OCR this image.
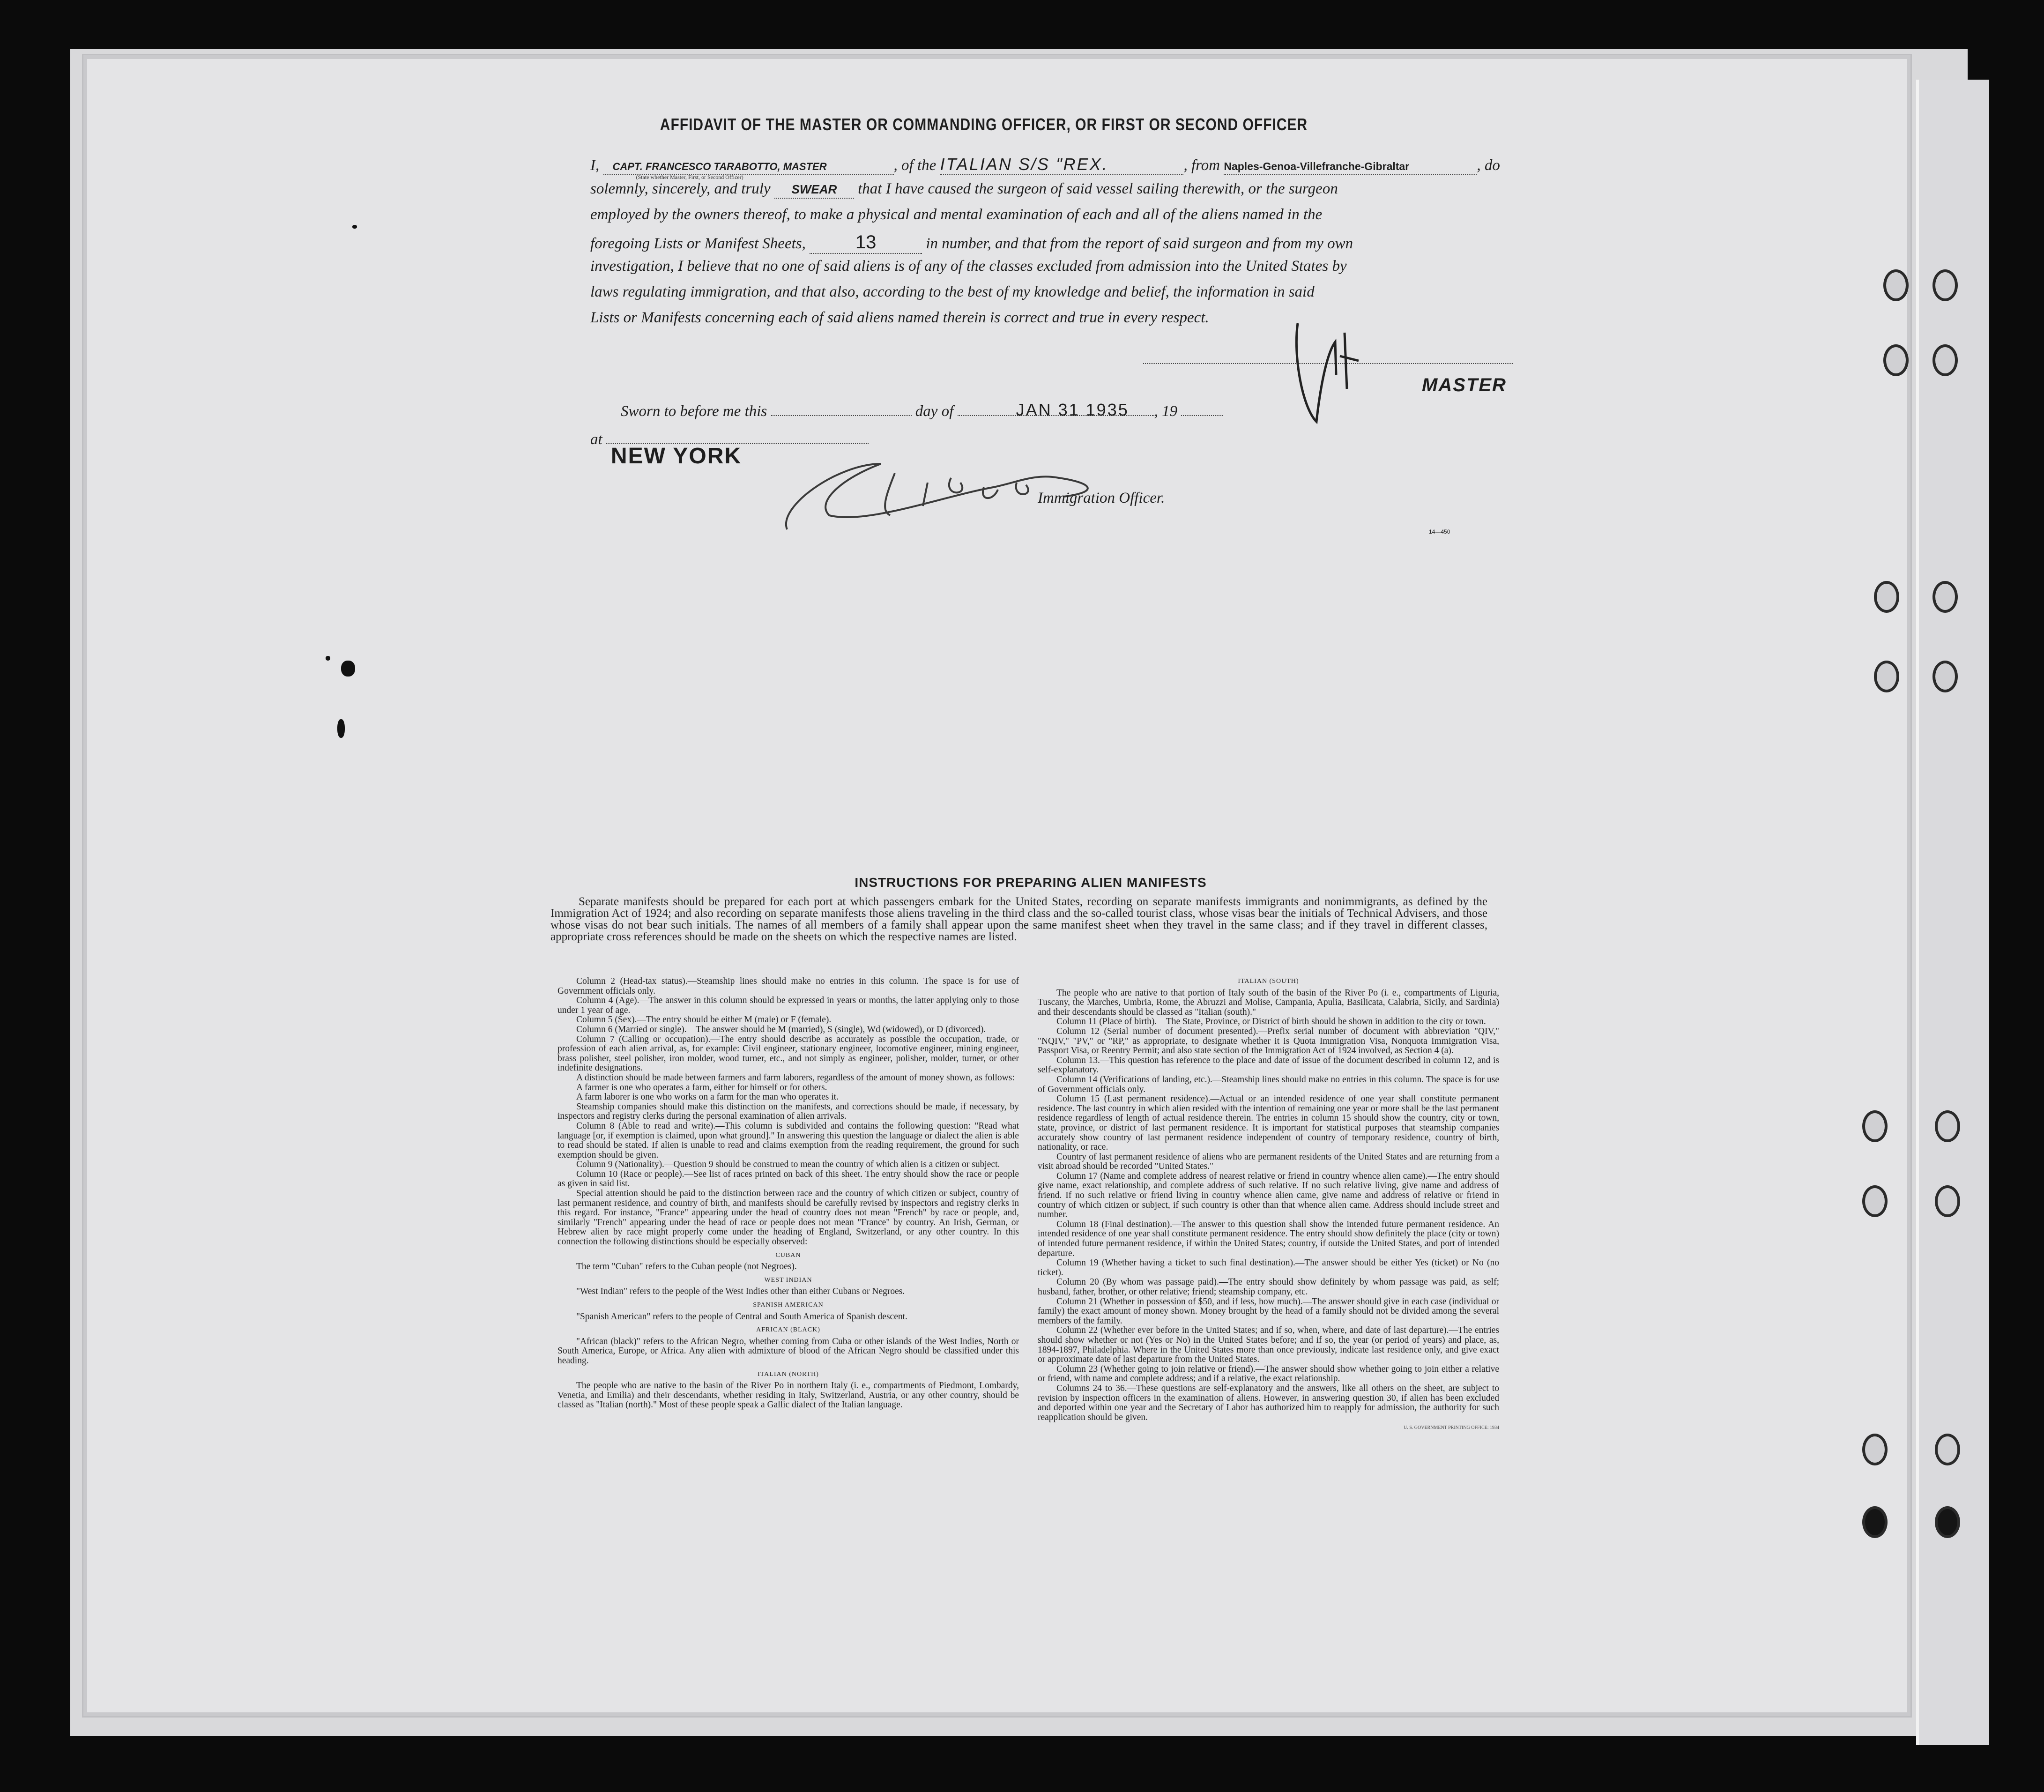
AFFIDAVIT OF THE MASTER OR COMMANDING OFFICER, OR FIRST OR SECOND OFFICER
I, CAPT. FRANCESCO TARABOTTO, MASTER
(State whether Master, First, or Second Officer)
, of the ITALIAN S/S "REX.	, from Naples-Genoa-Villefranche-Gibraltar	, do
solemnly, sincerely, and truly SWEAR that I have caused the surgeon of said vessel sailing therewith, or the surgeon
employed by the owners thereof, to make a physical and mental examination of each and all of the aliens named in the
foregoing Lists or Manifest Sheets,	13	in number, and that from the report of said surgeon and from my own
investigation, I believe that no one of said aliens is of any of the classes excluded from admission into the United States by
laws regulating immigration, and that also, according to the best of my knowledge and belief, the information in said
Lists or Manifests concerning each of said aliens named therein is correct and true in every respect.
MASTER
Sworn to before me this	day of	JAN 31 1935 , 19
at
NEW YORK
Immigration Officer.
14—450
INSTRUCTIONS FOR PREPARING ALIEN MANIFESTS
Separate manifests should be prepared for each port at which passengers embark for the United States, recording on separate manifests immigrants and nonimmigrants, as defined by the Immigration Act of 1924; and also recording on separate manifests those aliens traveling in the third class and the so-called tourist class, whose visas bear the initials of Technical Advisers, and those whose visas do not bear such initials. The names of all members of a family shall appear upon the same manifest sheet when they travel in the same class; and if they travel in different classes, appropriate cross references should be made on the sheets on which the respective names are listed.

Column 2 (Head-tax status).—Steamship lines should make no entries in this column. The space is for use of Government officials only.

Column 4 (Age).—The answer in this column should be expressed in years or months, the latter applying only to those under 1 year of age.

Column 5 (Sex).—The entry should be either M (male) or F (female).

Column 6 (Married or single).—The answer should be M (married), S (single), Wd (widowed), or D (divorced).

Column 7 (Calling or occupation).—The entry should describe as accurately as possible the occupation, trade, or profession of each alien arrival, as, for example: Civil engineer, stationary engineer, locomotive engineer, mining engineer, brass polisher, steel polisher, iron molder, wood turner, etc., and not simply as engineer, polisher, molder, turner, or other indefinite designations.

A distinction should be made between farmers and farm laborers, regardless of the amount of money shown, as follows:

A farmer is one who operates a farm, either for himself or for others.

A farm laborer is one who works on a farm for the man who operates it.

Steamship companies should make this distinction on the manifests, and corrections should be made, if necessary, by inspectors and registry clerks during the personal examination of alien arrivals.

Column 8 (Able to read and write).—This column is subdivided and contains the following question: "Read what language [or, if exemption is claimed, upon what ground]." In answering this question the language or dialect the alien is able to read should be stated. If alien is unable to read and claims exemption from the reading requirement, the ground for such exemption should be given.

Column 9 (Nationality).—Question 9 should be construed to mean the country of which alien is a citizen or subject.

Column 10 (Race or people).—See list of races printed on back of this sheet. The entry should show the race or people as given in said list.

Special attention should be paid to the distinction between race and the country of which citizen or subject, country of last permanent residence, and country of birth, and manifests should be carefully revised by inspectors and registry clerks in this regard. For instance, "France" appearing under the head of country does not mean "French" by race or people, and, similarly "French" appearing under the head of race or people does not mean "France" by country. An Irish, German, or Hebrew alien by race might properly come under the heading of England, Switzerland, or any other country. In this connection the following distinctions should be especially observed:

CUBAN

The term "Cuban" refers to the Cuban people (not Negroes).

WEST INDIAN

"West Indian" refers to the people of the West Indies other than either Cubans or Negroes.

SPANISH AMERICAN

"Spanish American" refers to the people of Central and South America of Spanish descent.

AFRICAN (BLACK)

"African (black)" refers to the African Negro, whether coming from Cuba or other islands of the West Indies, North or South America, Europe, or Africa. Any alien with admixture of blood of the African Negro should be classified under this heading.

ITALIAN (NORTH)

The people who are native to the basin of the River Po in northern Italy (i. e., compartments of Piedmont, Lombardy, Venetia, and Emilia) and their descendants, whether residing in Italy, Switzerland, Austria, or any other country, should be classed as "Italian (north)." Most of these people speak a Gallic dialect of the Italian language.

ITALIAN (SOUTH)

The people who are native to that portion of Italy south of the basin of the River Po (i. e., compartments of Liguria, Tuscany, the Marches, Umbria, Rome, the Abruzzi and Molise, Campania, Apulia, Basilicata, Calabria, Sicily, and Sardinia) and their descendants should be classed as "Italian (south)."

Column 11 (Place of birth).—The State, Province, or District of birth should be shown in addition to the city or town.

Column 12 (Serial number of document presented).—Prefix serial number of document with abbreviation "QIV," "NQIV," "PV," or "RP," as appropriate, to designate whether it is Quota Immigration Visa, Nonquota Immigration Visa, Passport Visa, or Reentry Permit; and also state section of the Immigration Act of 1924 involved, as Section 4 (a).

Column 13.—This question has reference to the place and date of issue of the document described in column 12, and is self-explanatory.

Column 14 (Verifications of landing, etc.).—Steamship lines should make no entries in this column. The space is for use of Government officials only.

Column 15 (Last permanent residence).—Actual or an intended residence of one year shall constitute permanent residence. The last country in which alien resided with the intention of remaining one year or more shall be the last permanent residence regardless of length of actual residence therein. The entries in column 15 should show the country, city or town, state, province, or district of last permanent residence. It is important for statistical purposes that steamship companies accurately show country of last permanent residence independent of country of temporary residence, country of birth, nationality, or race.

Country of last permanent residence of aliens who are permanent residents of the United States and are returning from a visit abroad should be recorded "United States."

Column 17 (Name and complete address of nearest relative or friend in country whence alien came).—The entry should give name, exact relationship, and complete address of such relative. If no such relative living, give name and address of friend. If no such relative or friend living in country whence alien came, give name and address of relative or friend in country of which citizen or subject, if such country is other than that whence alien came. Address should include street and number.

Column 18 (Final destination).—The answer to this question shall show the intended future permanent residence. An intended residence of one year shall constitute permanent residence. The entry should show definitely the place (city or town) of intended future permanent residence, if within the United States; country, if outside the United States, and port of intended departure.

Column 19 (Whether having a ticket to such final destination).—The answer should be either Yes (ticket) or No (no ticket).

Column 20 (By whom was passage paid).—The entry should show definitely by whom passage was paid, as self; husband, father, brother, or other relative; friend; steamship company, etc.

Column 21 (Whether in possession of $50, and if less, how much).—The answer should give in each case (individual or family) the exact amount of money shown. Money brought by the head of a family should not be divided among the several members of the family.

Column 22 (Whether ever before in the United States; and if so, when, where, and date of last departure).—The entries should show whether or not (Yes or No) in the United States before; and if so, the year (or period of years) and place, as, 1894-1897, Philadelphia. Where in the United States more than once previously, indicate last residence only, and give exact or approximate date of last departure from the United States.

Column 23 (Whether going to join relative or friend).—The answer should show whether going to join either a relative or friend, with name and complete address; and if a relative, the exact relationship.

Columns 24 to 36.—These questions are self-explanatory and the answers, like all others on the sheet, are subject to revision by inspection officers in the examination of aliens. However, in answering question 30, if alien has been excluded and deported within one year and the Secretary of Labor has authorized him to reapply for admission, the authority for such reapplication should be given.

U. S. GOVERNMENT PRINTING OFFICE: 1934
